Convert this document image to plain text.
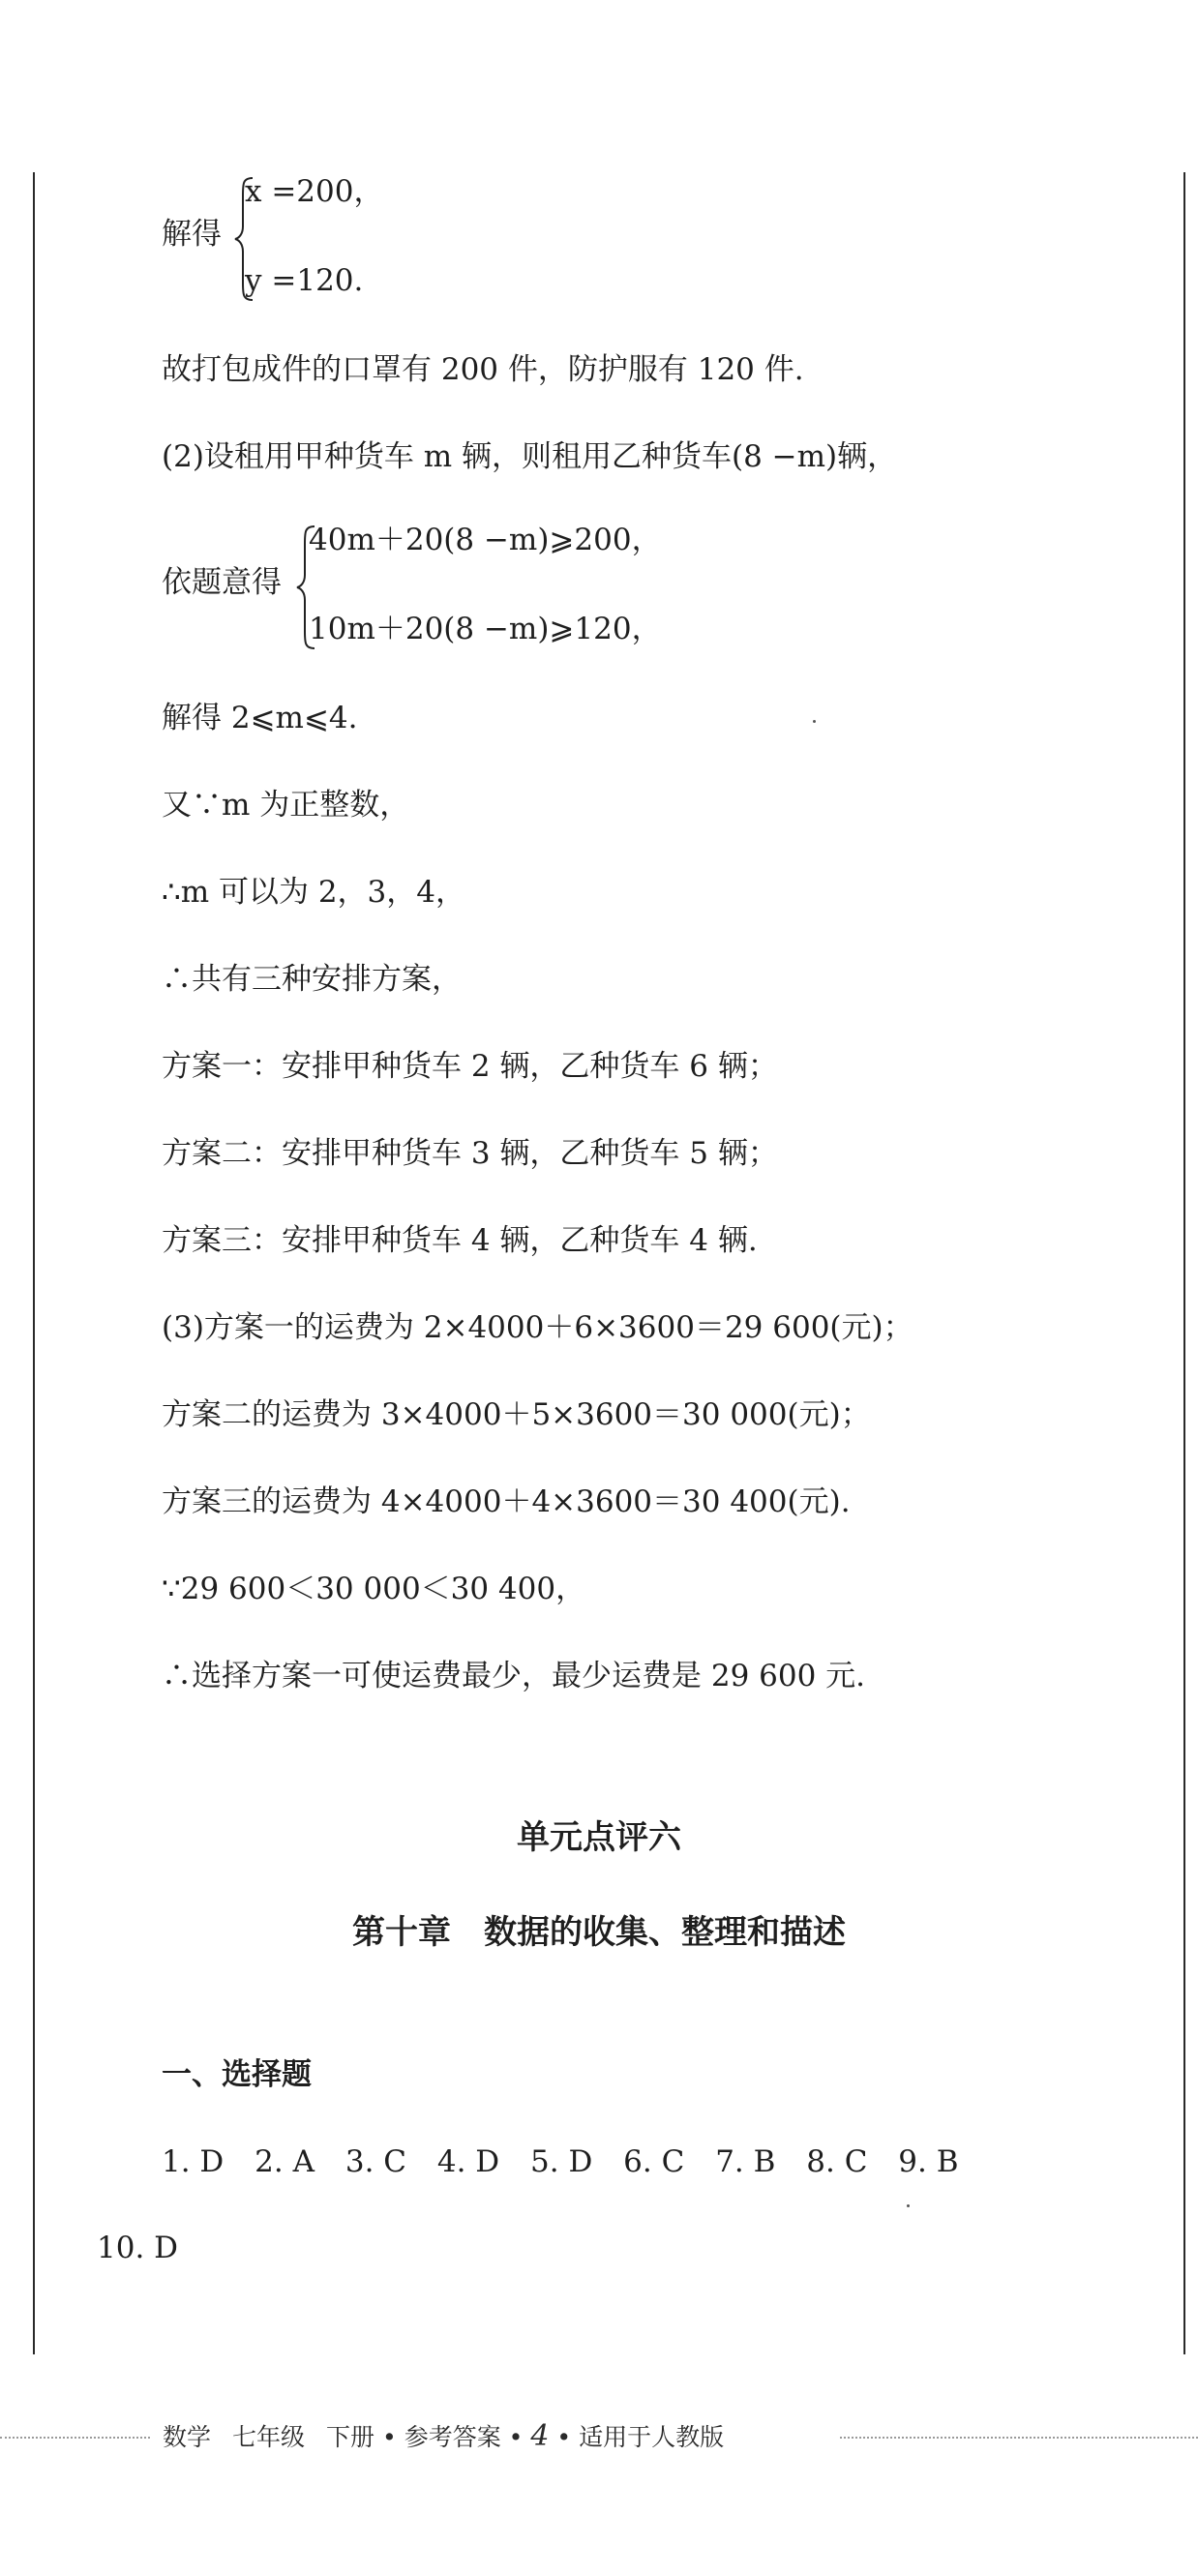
解得
x =200，
y =120.
故打包成件的口罩有 200 件，防护服有 120 件.
(2)设租用甲种货车 m 辆，则租用乙种货车(8 −m)辆，
依题意得
40m＋20(8 −m)⩾200，
10m＋20(8 −m)⩾120，
解得 2⩽m⩽4.
又∵m 为正整数，
∴m 可以为 2，3，4，
∴共有三种安排方案，
方案一：安排甲种货车 2 辆，乙种货车 6 辆；
方案二：安排甲种货车 3 辆，乙种货车 5 辆；
方案三：安排甲种货车 4 辆，乙种货车 4 辆.
(3)方案一的运费为 2×4000＋6×3600＝29 600(元)；
方案二的运费为 3×4000＋5×3600＝30 000(元)；
方案三的运费为 4×4000＋4×3600＝30 400(元).
∵29 600＜30 000＜30 400，
∴选择方案一可使运费最少，最少运费是 29 600 元.
单元点评六
第十章　数据的收集、整理和描述
一、选择题
1. D 2. A 3. C 4. D 5. D 6. C 7. B 8. C 9. B
10. D
数学 七年级 下册 • 参考答案 • 4 • 适用于人教版
